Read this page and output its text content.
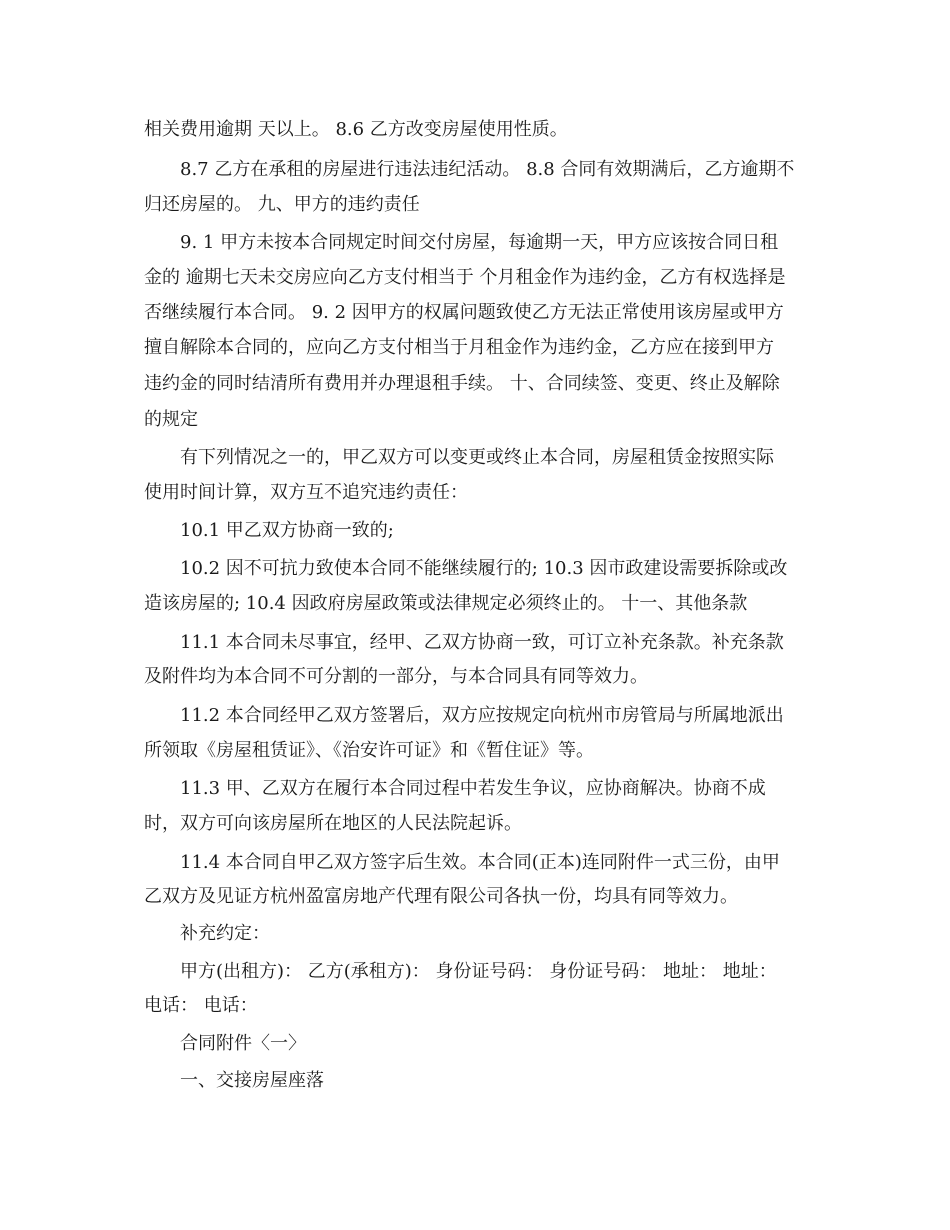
相关费用逾期 天以上。 8.6 乙方改变房屋使用性质。
8.7 乙方在承租的房屋进行违法违纪活动。 8.8 合同有效期满后，乙方逾期不
归还房屋的。 九、甲方的违约责任
9. 1 甲方未按本合同规定时间交付房屋，每逾期一天，甲方应该按合同日租
金的 逾期七天未交房应向乙方支付相当于 个月租金作为违约金，乙方有权选择是
否继续履行本合同。 9. 2 因甲方的权属问题致使乙方无法正常使用该房屋或甲方
擅自解除本合同的，应向乙方支付相当于月租金作为违约金，乙方应在接到甲方
违约金的同时结清所有费用并办理退租手续。 十、合同续签、变更、终止及解除
的规定
有下列情况之一的，甲乙双方可以变更或终止本合同，房屋租赁金按照实际
使用时间计算，双方互不追究违约责任：
10.1 甲乙双方协商一致的;
10.2 因不可抗力致使本合同不能继续履行的; 10.3 因市政建设需要拆除或改
造该房屋的; 10.4 因政府房屋政策或法律规定必须终止的。 十一、其他条款
11.1 本合同未尽事宜，经甲、乙双方协商一致，可订立补充条款。补充条款
及附件均为本合同不可分割的一部分，与本合同具有同等效力。
11.2 本合同经甲乙双方签署后，双方应按规定向杭州市房管局与所属地派出
所领取《房屋租赁证》、《治安许可证》和《暂住证》等。
11.3 甲、乙双方在履行本合同过程中若发生争议，应协商解决。协商不成
时，双方可向该房屋所在地区的人民法院起诉。
11.4 本合同自甲乙双方签字后生效。本合同(正本)连同附件一式三份，由甲
乙双方及见证方杭州盈富房地产代理有限公司各执一份，均具有同等效力。
补充约定：
甲方(出租方)： 乙方(承租方)： 身份证号码： 身份证号码： 地址： 地址：
电话： 电话：
合同附件〈一〉
一、交接房屋座落
